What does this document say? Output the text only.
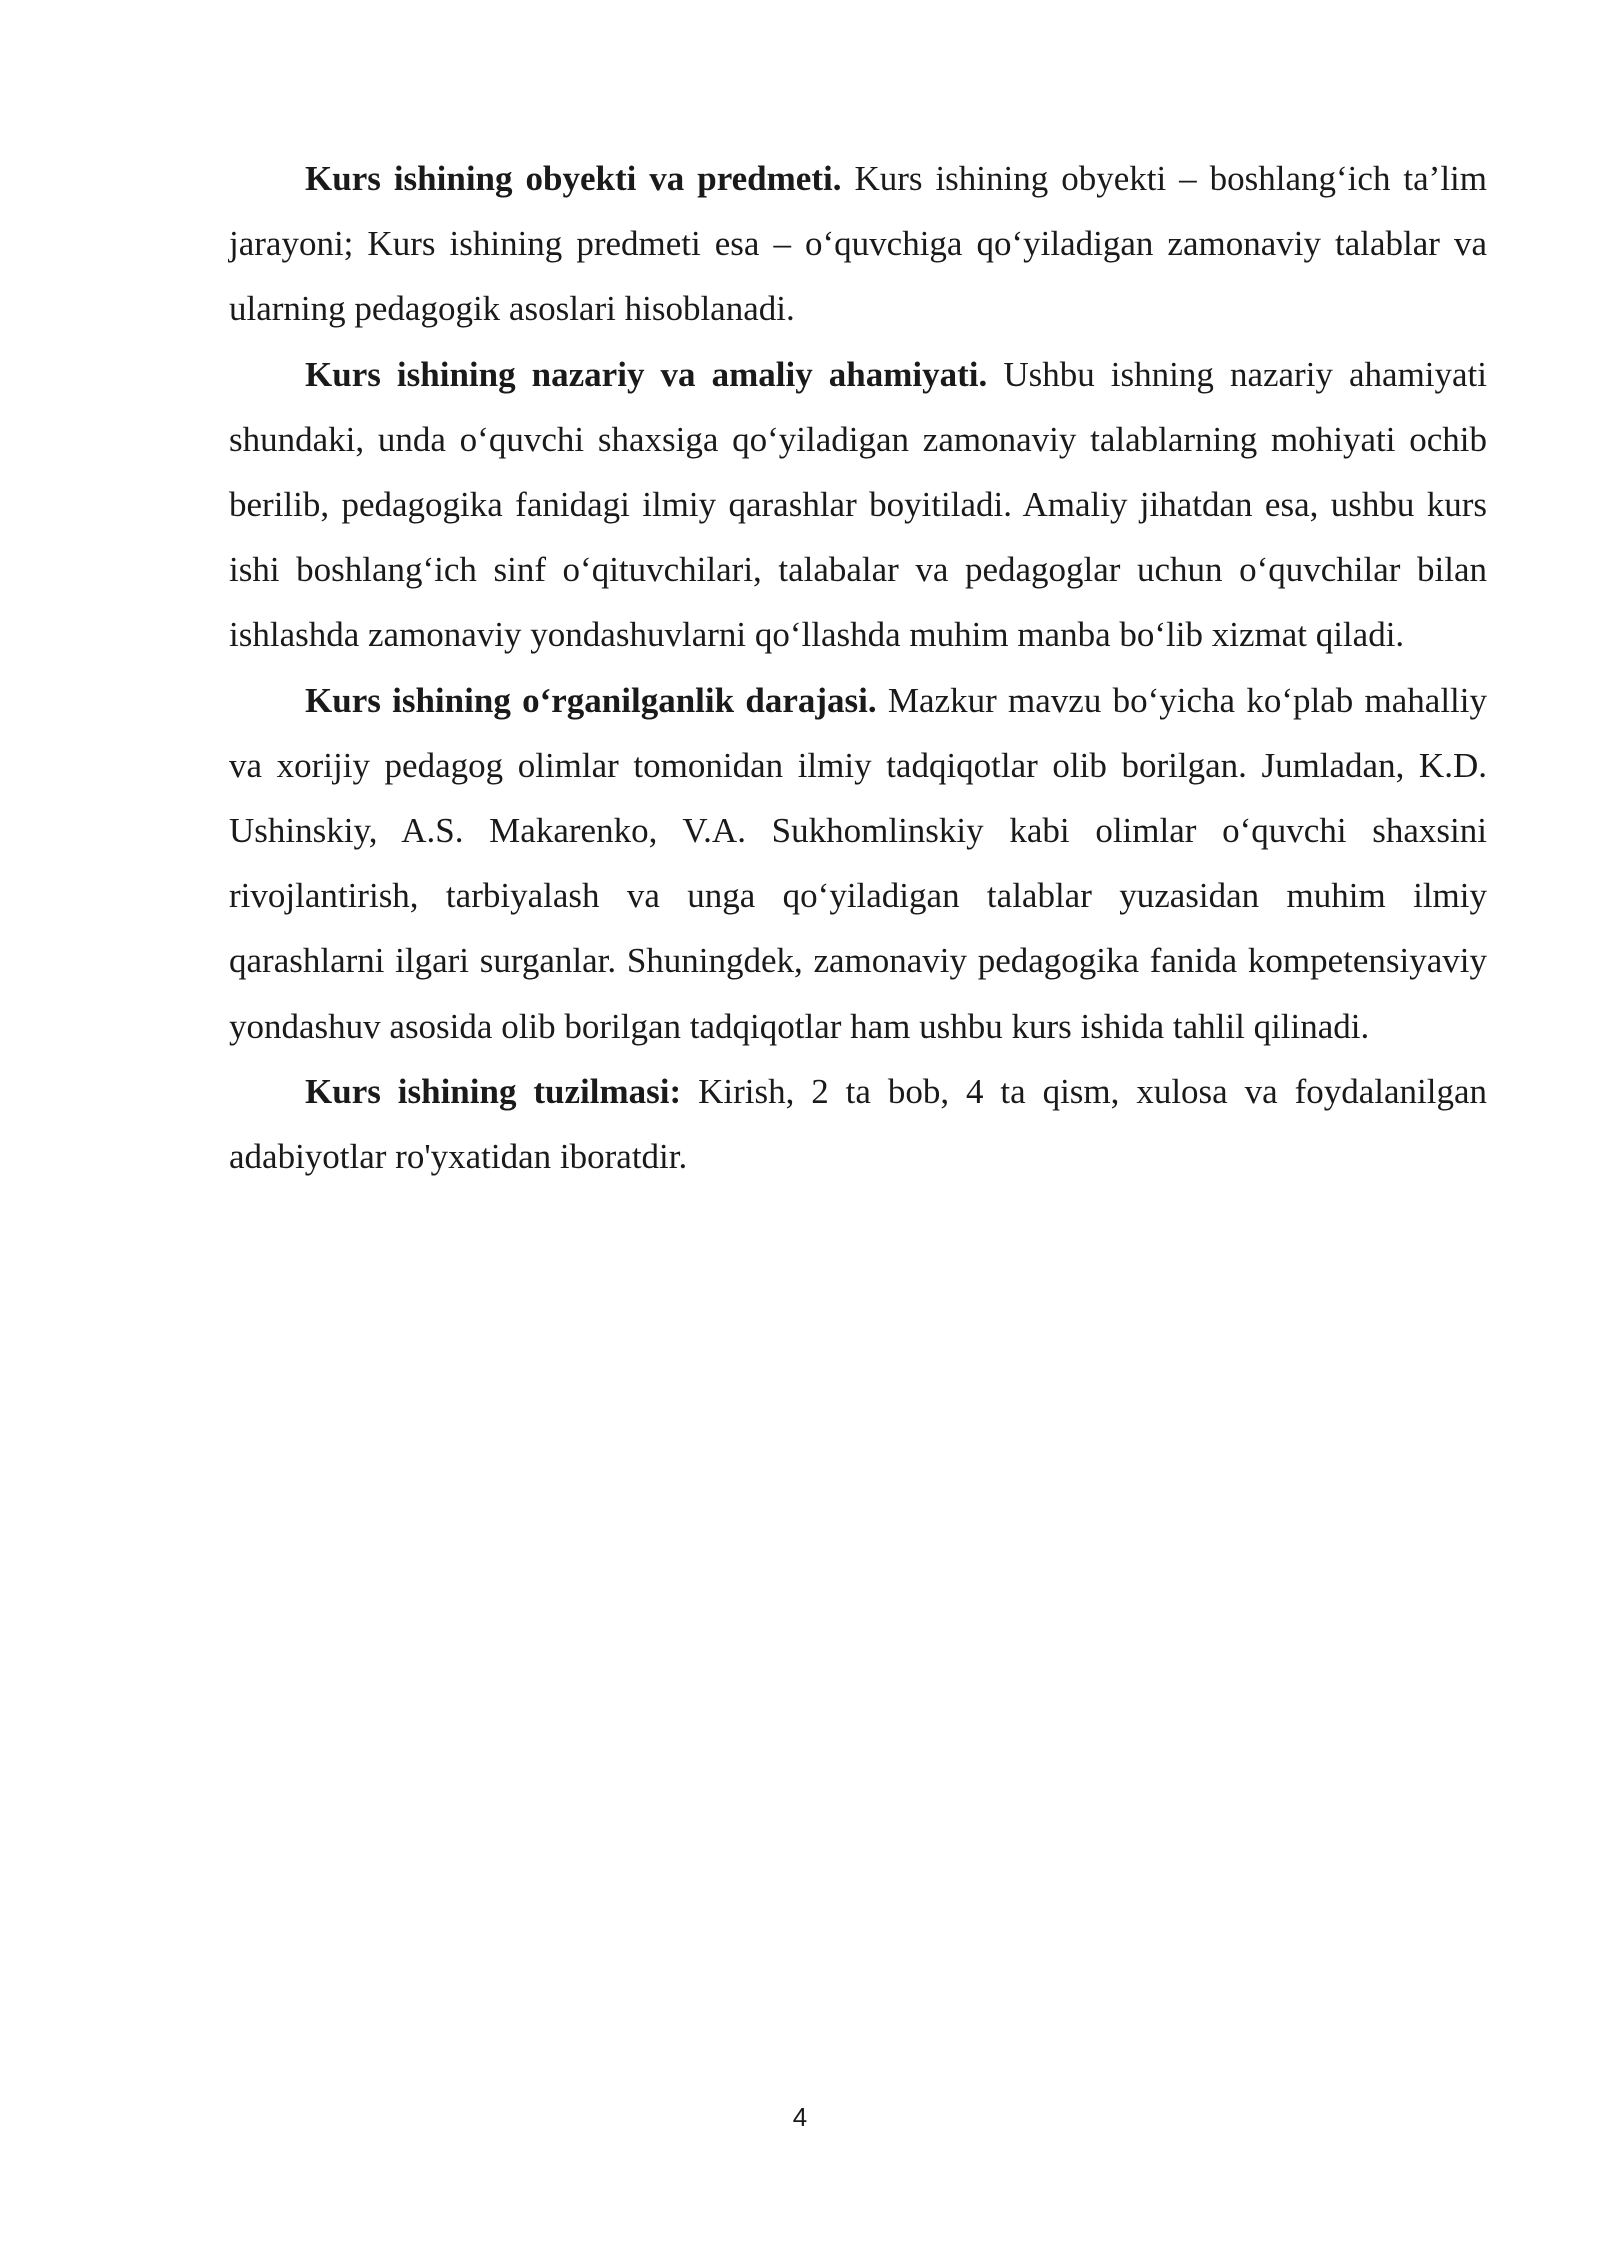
Kurs ishining obyekti va predmeti. Kurs ishining obyekti – boshlang‘ich ta’lim jarayoni; Kurs ishining predmeti esa – o‘quvchiga qo‘yiladigan zamonaviy talablar va ularning pedagogik asoslari hisoblanadi.

Kurs ishining nazariy va amaliy ahamiyati. Ushbu ishning nazariy ahamiyati shundaki, unda o‘quvchi shaxsiga qo‘yiladigan zamonaviy talablarning mohiyati ochib berilib, pedagogika fanidagi ilmiy qarashlar boyitiladi. Amaliy jihatdan esa, ushbu kurs ishi boshlang‘ich sinf o‘qituvchilari, talabalar va pedagoglar uchun o‘quvchilar bilan ishlashda zamonaviy yondashuvlarni qo‘llashda muhim manba bo‘lib xizmat qiladi.

Kurs ishining o‘rganilganlik darajasi. Mazkur mavzu bo‘yicha ko‘plab mahalliy va xorijiy pedagog olimlar tomonidan ilmiy tadqiqotlar olib borilgan. Jumladan, K.D. Ushinskiy, A.S. Makarenko, V.A. Sukhomlinskiy kabi olimlar o‘quvchi shaxsini rivojlantirish, tarbiyalash va unga qo‘yiladigan talablar yuzasidan muhim ilmiy qarashlarni ilgari surganlar. Shuningdek, zamonaviy pedagogika fanida kompetensiyaviy yondashuv asosida olib borilgan tadqiqotlar ham ushbu kurs ishida tahlil qilinadi.

Kurs ishining tuzilmasi: Kirish, 2 ta bob, 4 ta qism, xulosa va foydalanilgan adabiyotlar ro'yxatidan iboratdir.

4
